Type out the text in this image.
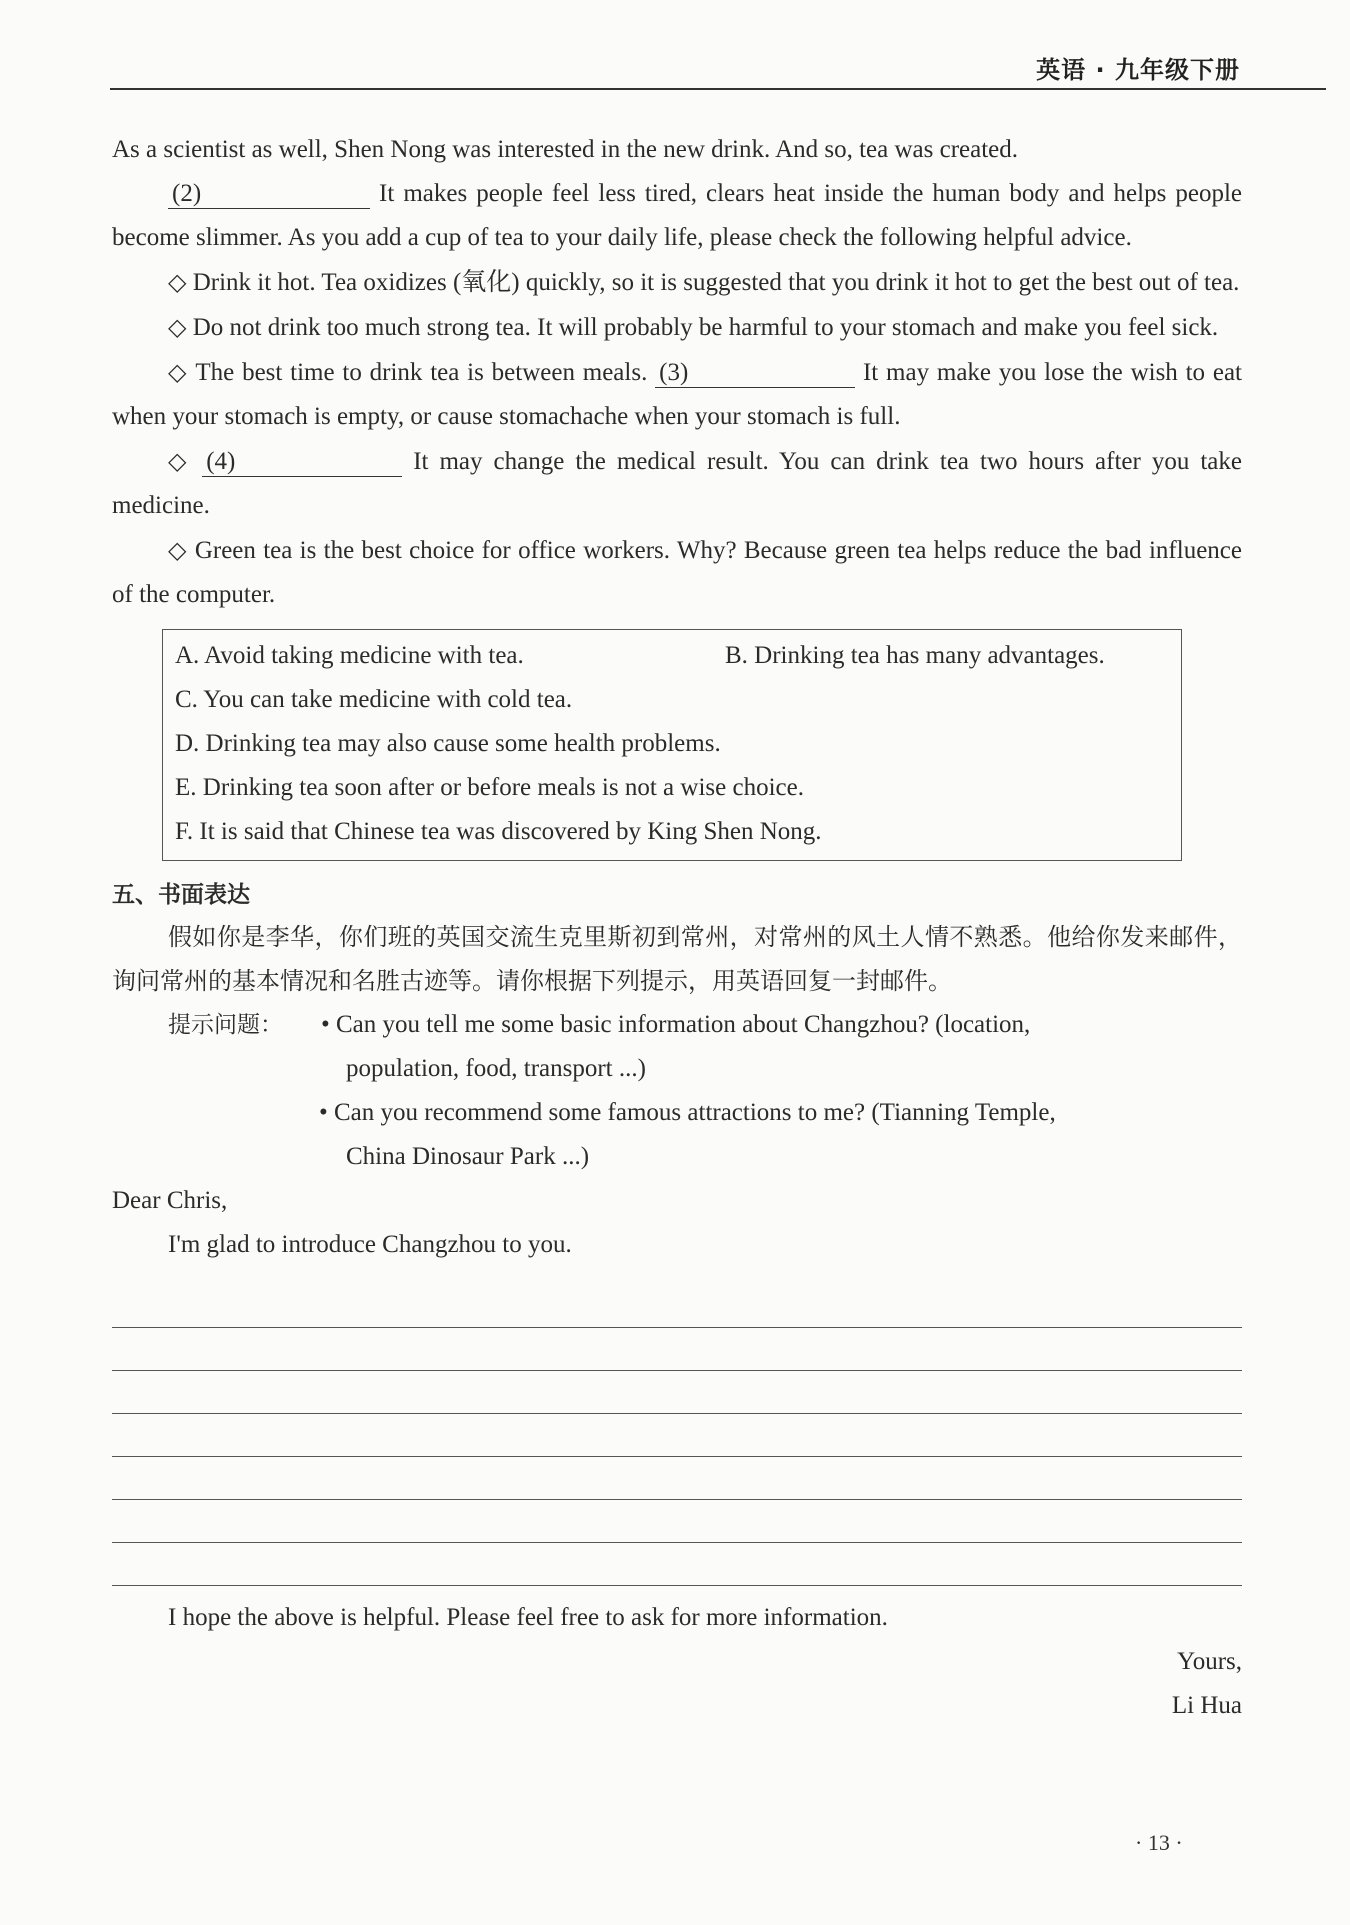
英语 · 九年级下册

As a scientist as well, Shen Nong was interested in the new drink. And so, tea was created.

(2)	It makes people feel less tired, clears heat inside the human body and helps people become slimmer. As you add a cup of tea to your daily life, please check the following helpful advice.

◇ Drink it hot. Tea oxidizes (氧化) quickly, so it is suggested that you drink it hot to get the best out of tea.

◇ Do not drink too much strong tea. It will probably be harmful to your stomach and make you feel sick.

◇ The best time to drink tea is between meals. (3)	It may make you lose the wish to eat when your stomach is empty, or cause stomachache when your stomach is full.

◇ (4)	It may change the medical result. You can drink tea two hours after you take medicine.

◇ Green tea is the best choice for office workers. Why? Because green tea helps reduce the bad influence of the computer.

A. Avoid taking medicine with tea.	B. Drinking tea has many advantages.
C. You can take medicine with cold tea.
D. Drinking tea may also cause some health problems.
E. Drinking tea soon after or before meals is not a wise choice.
F. It is said that Chinese tea was discovered by King Shen Nong.
五、书面表达

假如你是李华，你们班的英国交流生克里斯初到常州，对常州的风土人情不熟悉。他给你发来邮件，询问常州的基本情况和名胜古迹等。请你根据下列提示，用英语回复一封邮件。

提示问题：	• Can you tell me some basic information about Changzhou? (location,

population, food, transport ...)

• Can you recommend some famous attractions to me? (Tianning Temple,

China Dinosaur Park ...)

Dear Chris,

I'm glad to introduce Changzhou to you.

I hope the above is helpful. Please feel free to ask for more information.

Yours,

Li Hua

· 13 ·
